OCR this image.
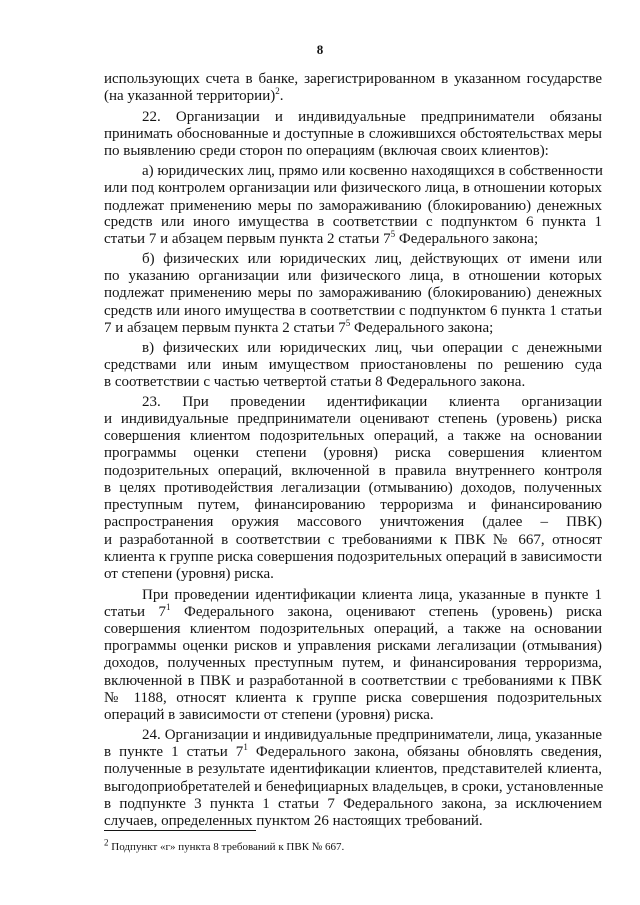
8
использующих счета в банке, зарегистрированном в указанном государстве
(на указанной территории)$^2$.
22. Организации и индивидуальные предприниматели обязаны
принимать обоснованные и доступные в сложившихся обстоятельствах меры
по выявлению среди сторон по операциям (включая своих клиентов):
а) юридических лиц, прямо или косвенно находящихся в собственности
или под контролем организации или физического лица, в отношении которых
подлежат применению меры по замораживанию (блокированию) денежных
средств или иного имущества в соответствии с подпунктом 6 пункта 1
статьи 7 и абзацем первым пункта 2 статьи $7^5$ Федерального закона;
б) физических или юридических лиц, действующих от имени или
по указанию организации или физического лица, в отношении которых
подлежат применению меры по замораживанию (блокированию) денежных
средств или иного имущества в соответствии с подпунктом 6 пункта 1 статьи
7 и абзацем первым пункта 2 статьи $7^5$ Федерального закона;
в) физических или юридических лиц, чьи операции с денежными
средствами или иным имуществом приостановлены по решению суда
в соответствии с частью четвертой статьи 8 Федерального закона.
23. При проведении идентификации клиента организации
и индивидуальные предприниматели оценивают степень (уровень) риска
совершения клиентом подозрительных операций, а также на основании
программы оценки степени (уровня) риска совершения клиентом
подозрительных операций, включенной в правила внутреннего контроля
в целях противодействия легализации (отмыванию) доходов, полученных
преступным путем, финансированию терроризма и финансированию
распространения оружия массового уничтожения (далее – ПВК)
и разработанной в соответствии с требованиями к ПВК № 667, относят
клиента к группе риска совершения подозрительных операций в зависимости
от степени (уровня) риска.
При проведении идентификации клиента лица, указанные в пункте 1
статьи $7^1$ Федерального закона, оценивают степень (уровень) риска
совершения клиентом подозрительных операций, а также на основании
программы оценки рисков и управления рисками легализации (отмывания)
доходов, полученных преступным путем, и финансирования терроризма,
включенной в ПВК и разработанной в соответствии с требованиями к ПВК
№ 1188, относят клиента к группе риска совершения подозрительных
операций в зависимости от степени (уровня) риска.
24. Организации и индивидуальные предприниматели, лица, указанные
в пункте 1 статьи $7^1$ Федерального закона, обязаны обновлять сведения,
полученные в результате идентификации клиентов, представителей клиента,
выгодоприобретателей и бенефициарных владельцев, в сроки, установленные
в подпункте 3 пункта 1 статьи 7 Федерального закона, за исключением
случаев, определенных пунктом 26 настоящих требований.
$^2$ Подпункт «г» пункта 8 требований к ПВК № 667.
